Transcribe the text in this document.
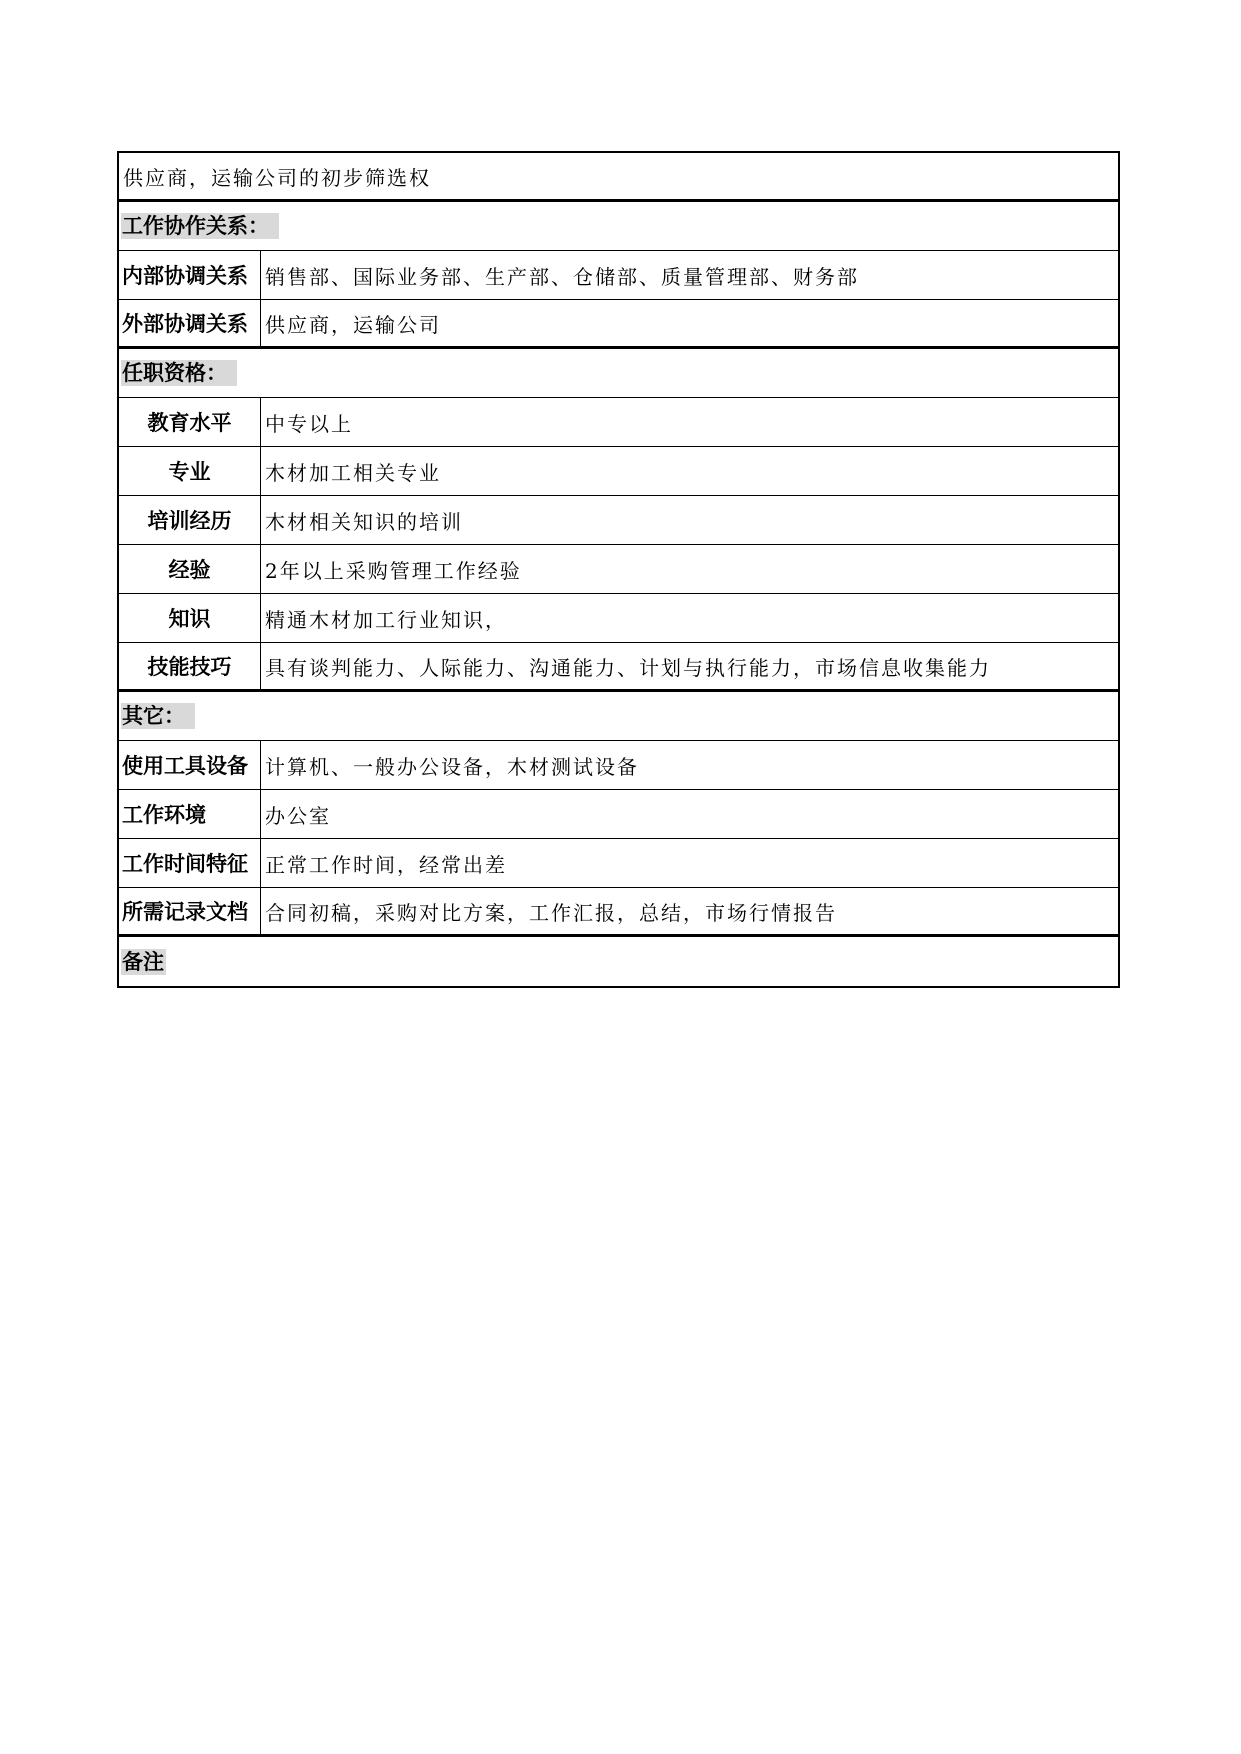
供应商，运输公司的初步筛选权
工作协作关系：
内部协调关系 销售部、国际业务部、生产部、仓储部、质量管理部、财务部
外部协调关系 供应商，运输公司
任职资格：
教育水平	中专以上
专业	木材加工相关专业
培训经历	木材相关知识的培训
经验	2年以上采购管理工作经验
知识	精通木材加工行业知识，
技能技巧	具有谈判能力、人际能力、沟通能力、计划与执行能力，市场信息收集能力
其它：
使用工具设备 计算机、一般办公设备，木材测试设备
工作环境	办公室
工作时间特征 正常工作时间，经常出差
所需记录文档 合同初稿，采购对比方案，工作汇报，总结，市场行情报告
备注
